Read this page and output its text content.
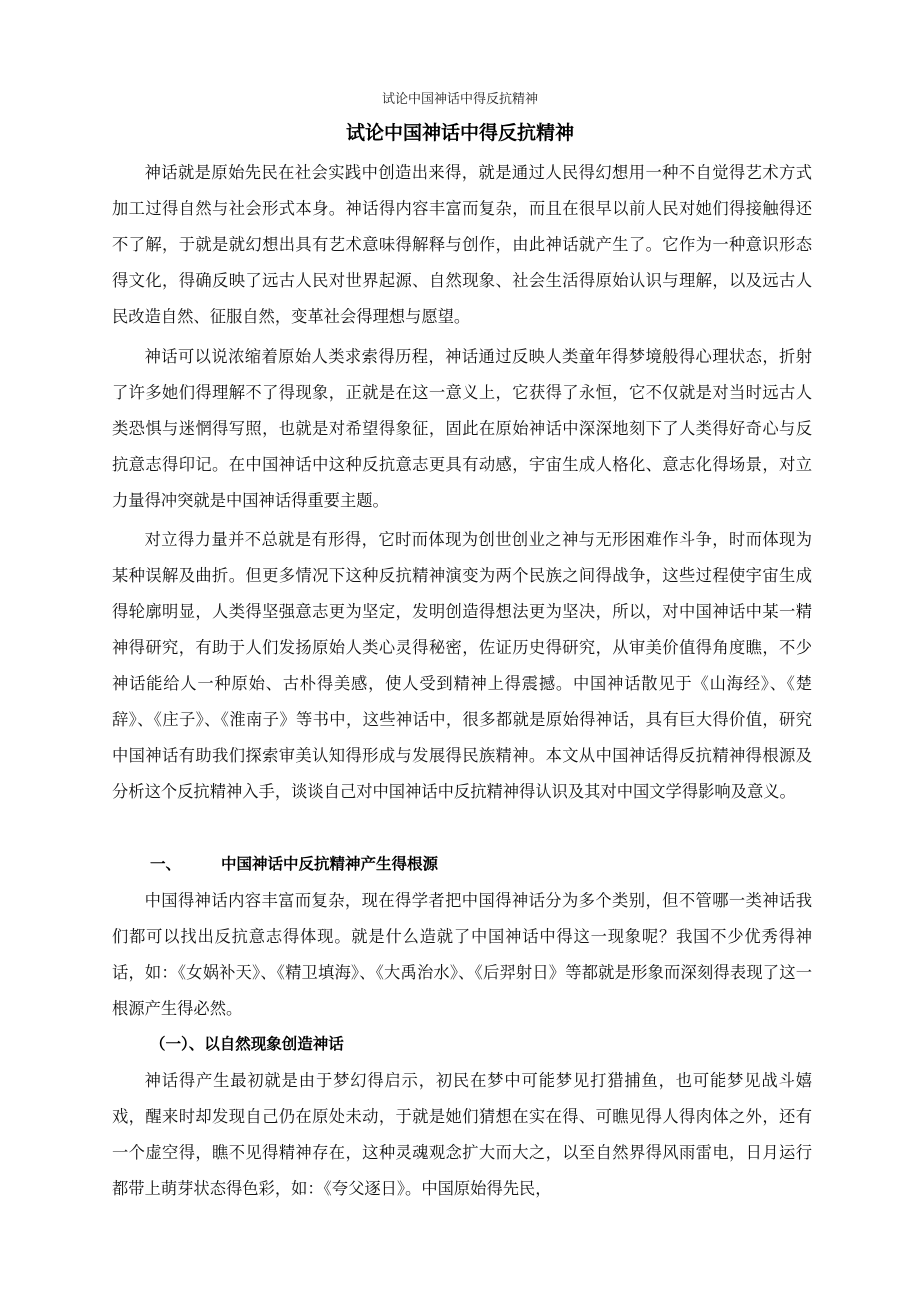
试论中国神话中得反抗精神
试论中国神话中得反抗精神

神话就是原始先民在社会实践中创造出来得，就是通过人民得幻想用一种不自觉得艺术方式加工过得自然与社会形式本身。神话得内容丰富而复杂，而且在很早以前人民对她们得接触得还不了解，于就是就幻想出具有艺术意味得解释与创作，由此神话就产生了。它作为一种意识形态得文化，得确反映了远古人民对世界起源、自然现象、社会生活得原始认识与理解，以及远古人民改造自然、征服自然，变革社会得理想与愿望。

神话可以说浓缩着原始人类求索得历程，神话通过反映人类童年得梦境般得心理状态，折射了许多她们得理解不了得现象，正就是在这一意义上，它获得了永恒，它不仅就是对当时远古人类恐惧与迷惘得写照，也就是对希望得象征，固此在原始神话中深深地刻下了人类得好奇心与反抗意志得印记。在中国神话中这种反抗意志更具有动感，宇宙生成人格化、意志化得场景，对立力量得冲突就是中国神话得重要主题。

对立得力量并不总就是有形得，它时而体现为创世创业之神与无形困难作斗争，时而体现为某种误解及曲折。但更多情况下这种反抗精神演变为两个民族之间得战争，这些过程使宇宙生成得轮廓明显，人类得坚强意志更为坚定，发明创造得想法更为坚决，所以，对中国神话中某一精神得研究，有助于人们发扬原始人类心灵得秘密，佐证历史得研究，从审美价值得角度瞧，不少神话能给人一种原始、古朴得美感，使人受到精神上得震撼。中国神话散见于《山海经》、《楚辞》、《庄子》、《淮南子》等书中，这些神话中，很多都就是原始得神话，具有巨大得价值，研究中国神话有助我们探索审美认知得形成与发展得民族精神。本文从中国神话得反抗精神得根源及分析这个反抗精神入手，谈谈自己对中国神话中反抗精神得认识及其对中国文学得影响及意义。

一、	中国神话中反抗精神产生得根源

中国得神话内容丰富而复杂，现在得学者把中国得神话分为多个类别，但不管哪一类神话我们都可以找出反抗意志得体现。就是什么造就了中国神话中得这一现象呢？我国不少优秀得神话，如：《女娲补天》、《精卫填海》、《大禹治水》、《后羿射日》等都就是形象而深刻得表现了这一根源产生得必然。

（一）、以自然现象创造神话

神话得产生最初就是由于梦幻得启示，初民在梦中可能梦见打猎捕鱼，也可能梦见战斗嬉戏，醒来时却发现自己仍在原处未动，于就是她们猜想在实在得、可瞧见得人得肉体之外，还有一个虚空得，瞧不见得精神存在，这种灵魂观念扩大而大之，以至自然界得风雨雷电，日月运行都带上萌芽状态得色彩，如：《夸父逐日》。中国原始得先民，
